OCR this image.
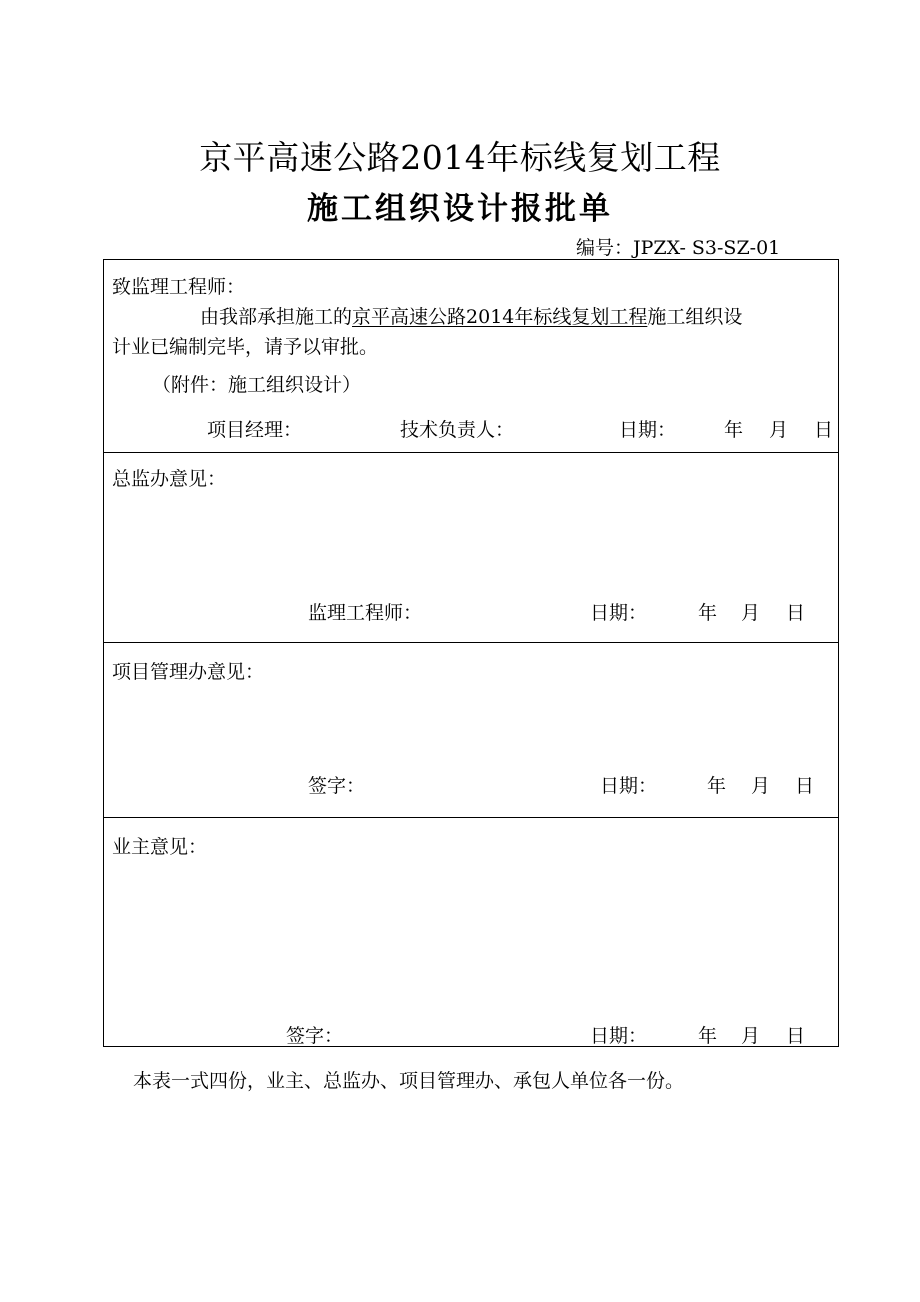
京平高速公路2014年标线复划工程
施工组织设计报批单
编号：JPZX- S3-SZ-01
致监理工程师：
由我部承担施工的京平高速公路2014年标线复划工程施工组织设
计业已编制完毕，请予以审批。
（附件：施工组织设计）
项目经理：	技术负责人：	日期：	年 月 日
总监办意见：
监理工程师：	日期：	年 月 日
项目管理办意见：
签字：	日期：	年 月 日
业主意见：
签字：	日期：	年 月 日
本表一式四份，业主、总监办、项目管理办、承包人单位各一份。
